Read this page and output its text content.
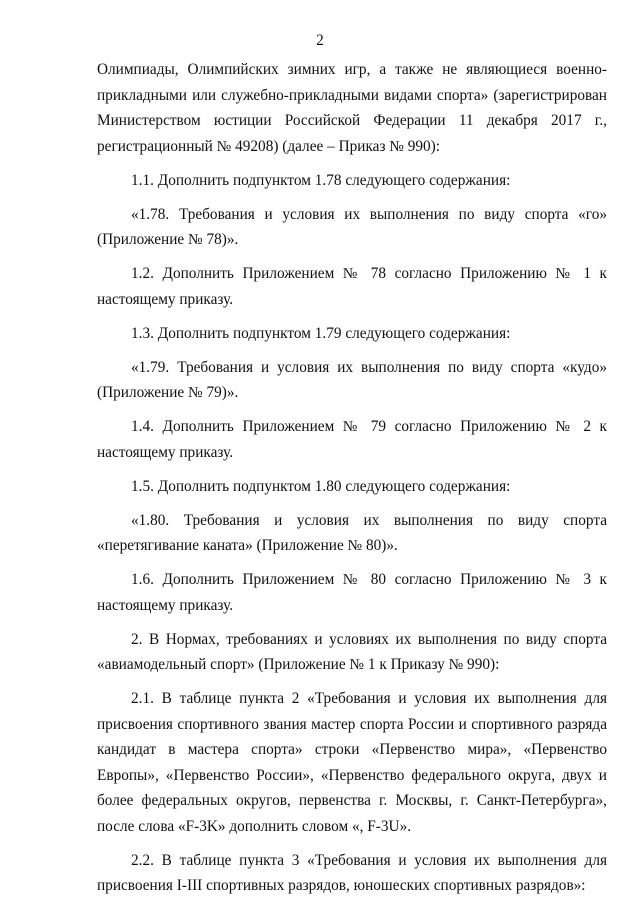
2

Олимпиады, Олимпийских зимних игр, а также не являющиеся военно-прикладными или служебно-прикладными видами спорта» (зарегистрирован Министерством юстиции Российской Федерации 11 декабря 2017 г., регистрационный № 49208) (далее – Приказ № 990):

1.1. Дополнить подпунктом 1.78 следующего содержания:

«1.78. Требования и условия их выполнения по виду спорта «го» (Приложение № 78)».

1.2. Дополнить Приложением № 78 согласно Приложению № 1 к настоящему приказу.

1.3. Дополнить подпунктом 1.79 следующего содержания:

«1.79. Требования и условия их выполнения по виду спорта «кудо» (Приложение № 79)».

1.4. Дополнить Приложением № 79 согласно Приложению № 2 к настоящему приказу.

1.5. Дополнить подпунктом 1.80 следующего содержания:

«1.80. Требования и условия их выполнения по виду спорта «перетягивание каната» (Приложение № 80)».

1.6. Дополнить Приложением № 80 согласно Приложению № 3 к настоящему приказу.

2. В Нормах, требованиях и условиях их выполнения по виду спорта «авиамодельный спорт» (Приложение № 1 к Приказу № 990):

2.1. В таблице пункта 2 «Требования и условия их выполнения для присвоения спортивного звания мастер спорта России и спортивного разряда кандидат в мастера спорта» строки «Первенство мира», «Первенство Европы», «Первенство России», «Первенство федерального округа, двух и более федеральных округов, первенства г. Москвы, г. Санкт-Петербурга», после слова «F-3K» дополнить словом «, F-3U».

2.2. В таблице пункта 3 «Требования и условия их выполнения для присвоения I-III спортивных разрядов, юношеских спортивных разрядов»:
